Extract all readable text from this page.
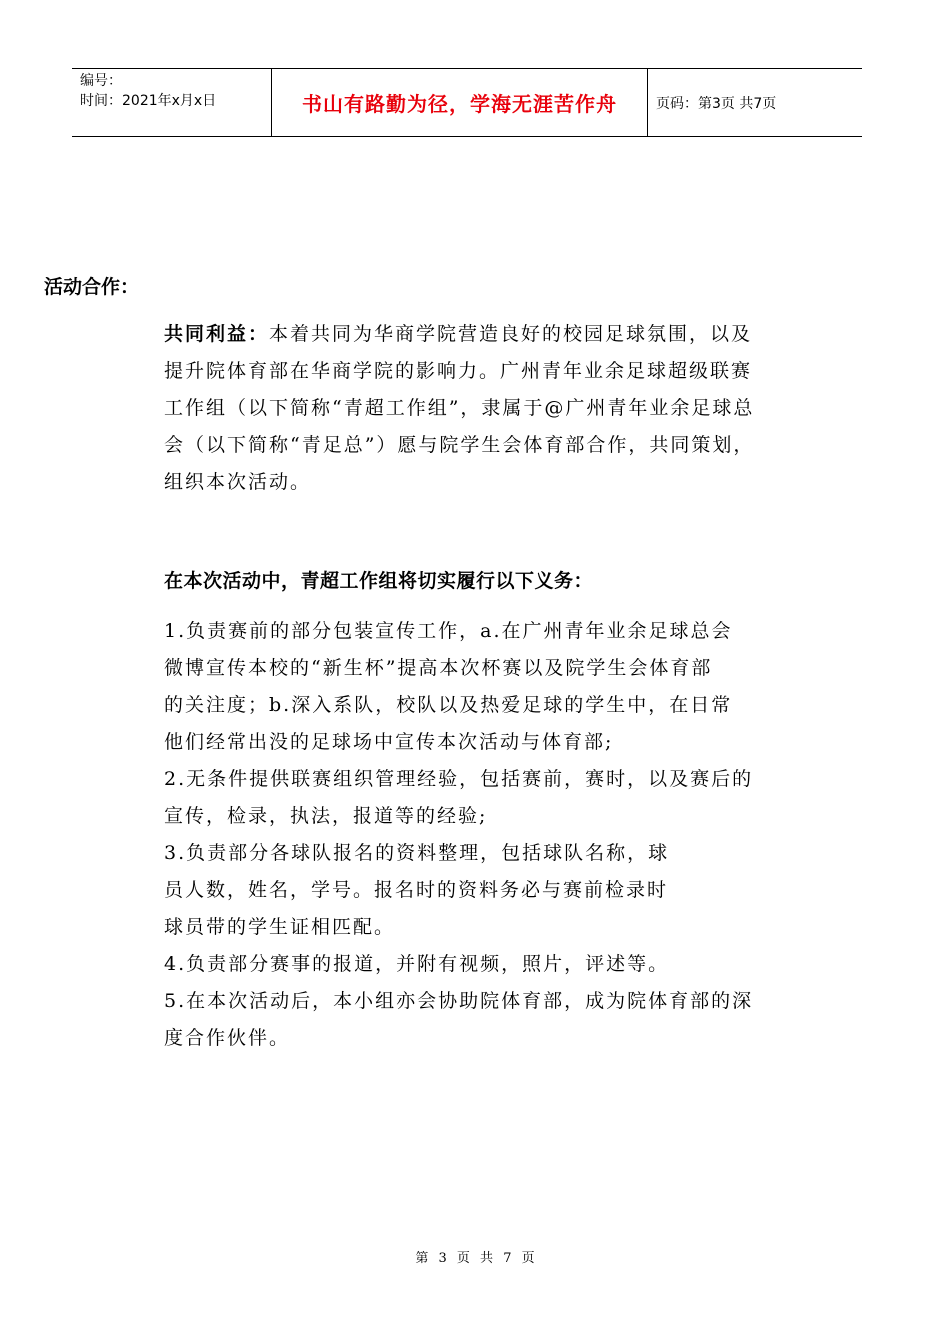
编号：
时间：2021年x月x日	书山有路勤为径，学海无涯苦作舟	页码：第3页 共7页
活动合作：
共同利益：本着共同为华商学院营造良好的校园足球氛围，以及
提升院体育部在华商学院的影响力。广州青年业余足球超级联赛
工作组（以下简称“青超工作组”，隶属于@广州青年业余足球总
会（以下简称“青足总”）愿与院学生会体育部合作，共同策划，
组织本次活动。
在本次活动中，青超工作组将切实履行以下义务：
1.负责赛前的部分包装宣传工作，a.在广州青年业余足球总会
微博宣传本校的“新生杯”提高本次杯赛以及院学生会体育部
的关注度；b.深入系队，校队以及热爱足球的学生中，在日常
他们经常出没的足球场中宣传本次活动与体育部;
2.无条件提供联赛组织管理经验，包括赛前，赛时，以及赛后的
宣传，检录，执法，报道等的经验;
3.负责部分各球队报名的资料整理，包括球队名称，球
员人数，姓名，学号。报名时的资料务必与赛前检录时
球员带的学生证相匹配。
4.负责部分赛事的报道，并附有视频，照片，评述等。
5.在本次活动后，本小组亦会协助院体育部，成为院体育部的深
度合作伙伴。
第 3 页 共 7 页
